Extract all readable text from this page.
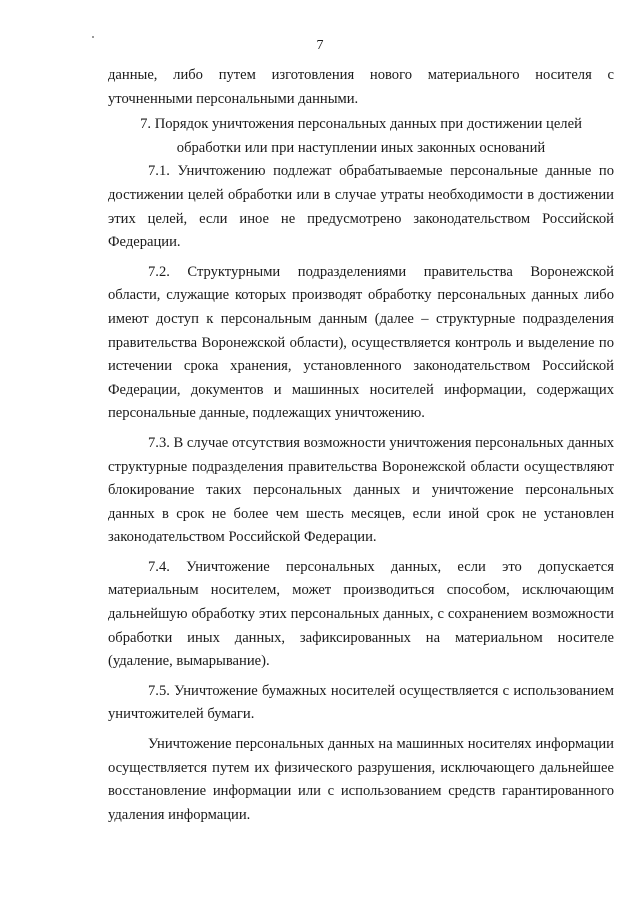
7

данные, либо путем изготовления нового материального носителя с уточненными персональными данными.

7. Порядок уничтожения персональных данных при достижении целей
обработки или при наступлении иных законных оснований

7.1. Уничтожению подлежат обрабатываемые персональные данные по достижении целей обработки или в случае утраты необходимости в достижении этих целей, если иное не предусмотрено законодательством Российской Федерации.

7.2. Структурными подразделениями правительства Воронежской области, служащие которых производят обработку персональных данных либо имеют доступ к персональным данным (далее – структурные подразделения правительства Воронежской области), осуществляется контроль и выделение по истечении срока хранения, установленного законодательством Российской Федерации, документов и машинных носителей информации, содержащих персональные данные, подлежащих уничтожению.

7.3. В случае отсутствия возможности уничтожения персональных данных структурные подразделения правительства Воронежской области осуществляют блокирование таких персональных данных и уничтожение персональных данных в срок не более чем шесть месяцев, если иной срок не установлен законодательством Российской Федерации.

7.4. Уничтожение персональных данных, если это допускается материальным носителем, может производиться способом, исключающим дальнейшую обработку этих персональных данных, с сохранением возможности обработки иных данных, зафиксированных на материальном носителе (удаление, вымарывание).

7.5. Уничтожение бумажных носителей осуществляется с использованием уничтожителей бумаги.

Уничтожение персональных данных на машинных носителях информации осуществляется путем их физического разрушения, исключающего дальнейшее восстановление информации или с использованием средств гарантированного удаления информации.
